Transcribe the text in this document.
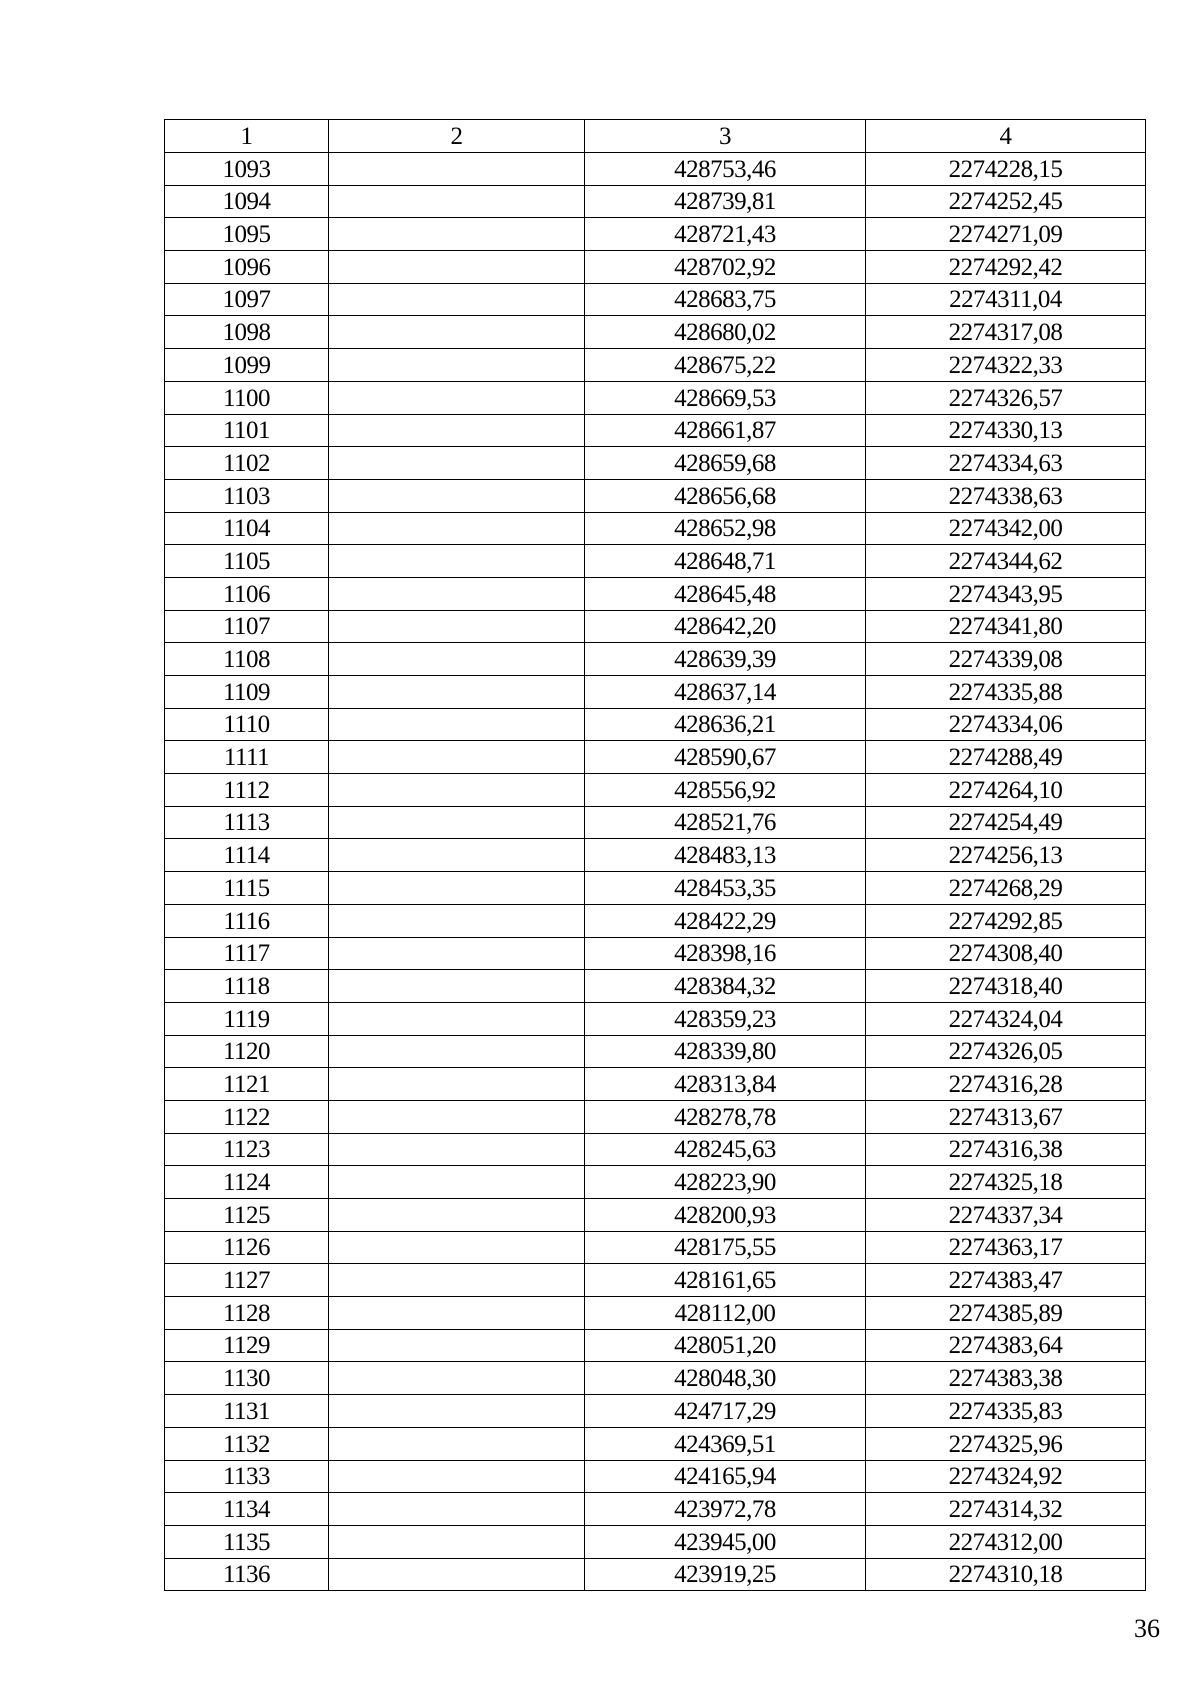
1	2	3	4
1093		428753,46	2274228,15
1094		428739,81	2274252,45
1095		428721,43	2274271,09
1096		428702,92	2274292,42
1097		428683,75	2274311,04
1098		428680,02	2274317,08
1099		428675,22	2274322,33
1100		428669,53	2274326,57
1101		428661,87	2274330,13
1102		428659,68	2274334,63
1103		428656,68	2274338,63
1104		428652,98	2274342,00
1105		428648,71	2274344,62
1106		428645,48	2274343,95
1107		428642,20	2274341,80
1108		428639,39	2274339,08
1109		428637,14	2274335,88
1110		428636,21	2274334,06
1111		428590,67	2274288,49
1112		428556,92	2274264,10
1113		428521,76	2274254,49
1114		428483,13	2274256,13
1115		428453,35	2274268,29
1116		428422,29	2274292,85
1117		428398,16	2274308,40
1118		428384,32	2274318,40
1119		428359,23	2274324,04
1120		428339,80	2274326,05
1121		428313,84	2274316,28
1122		428278,78	2274313,67
1123		428245,63	2274316,38
1124		428223,90	2274325,18
1125		428200,93	2274337,34
1126		428175,55	2274363,17
1127		428161,65	2274383,47
1128		428112,00	2274385,89
1129		428051,20	2274383,64
1130		428048,30	2274383,38
1131		424717,29	2274335,83
1132		424369,51	2274325,96
1133		424165,94	2274324,92
1134		423972,78	2274314,32
1135		423945,00	2274312,00
1136		423919,25	2274310,18
36
